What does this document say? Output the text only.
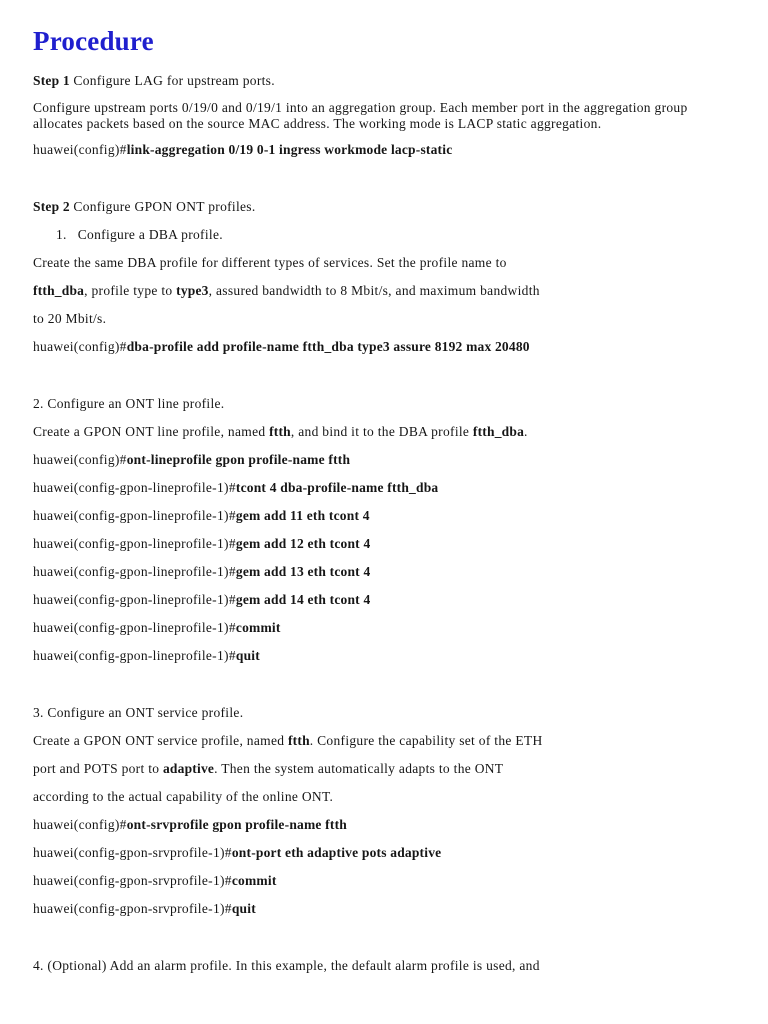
Procedure

Step 1 Configure LAG for upstream ports.

Configure upstream ports 0/19/0 and 0/19/1 into an aggregation group. Each member port in the aggregation group allocates packets based on the source MAC address. The working mode is LACP static aggregation.

huawei(config)#link-aggregation 0/19 0-1 ingress workmode lacp-static

Step 2 Configure GPON ONT profiles.

1.   Configure a DBA profile.

Create the same DBA profile for different types of services. Set the profile name to

ftth_dba, profile type to type3, assured bandwidth to 8 Mbit/s, and maximum bandwidth

to 20 Mbit/s.

huawei(config)#dba-profile add profile-name ftth_dba type3 assure 8192 max 20480

2. Configure an ONT line profile.

Create a GPON ONT line profile, named ftth, and bind it to the DBA profile ftth_dba.

huawei(config)#ont-lineprofile gpon profile-name ftth

huawei(config-gpon-lineprofile-1)#tcont 4 dba-profile-name ftth_dba

huawei(config-gpon-lineprofile-1)#gem add 11 eth tcont 4

huawei(config-gpon-lineprofile-1)#gem add 12 eth tcont 4

huawei(config-gpon-lineprofile-1)#gem add 13 eth tcont 4

huawei(config-gpon-lineprofile-1)#gem add 14 eth tcont 4

huawei(config-gpon-lineprofile-1)#commit

huawei(config-gpon-lineprofile-1)#quit

3. Configure an ONT service profile.

Create a GPON ONT service profile, named ftth. Configure the capability set of the ETH

port and POTS port to adaptive. Then the system automatically adapts to the ONT

according to the actual capability of the online ONT.

huawei(config)#ont-srvprofile gpon profile-name ftth

huawei(config-gpon-srvprofile-1)#ont-port eth adaptive pots adaptive

huawei(config-gpon-srvprofile-1)#commit

huawei(config-gpon-srvprofile-1)#quit

4. (Optional) Add an alarm profile. In this example, the default alarm profile is used, and
